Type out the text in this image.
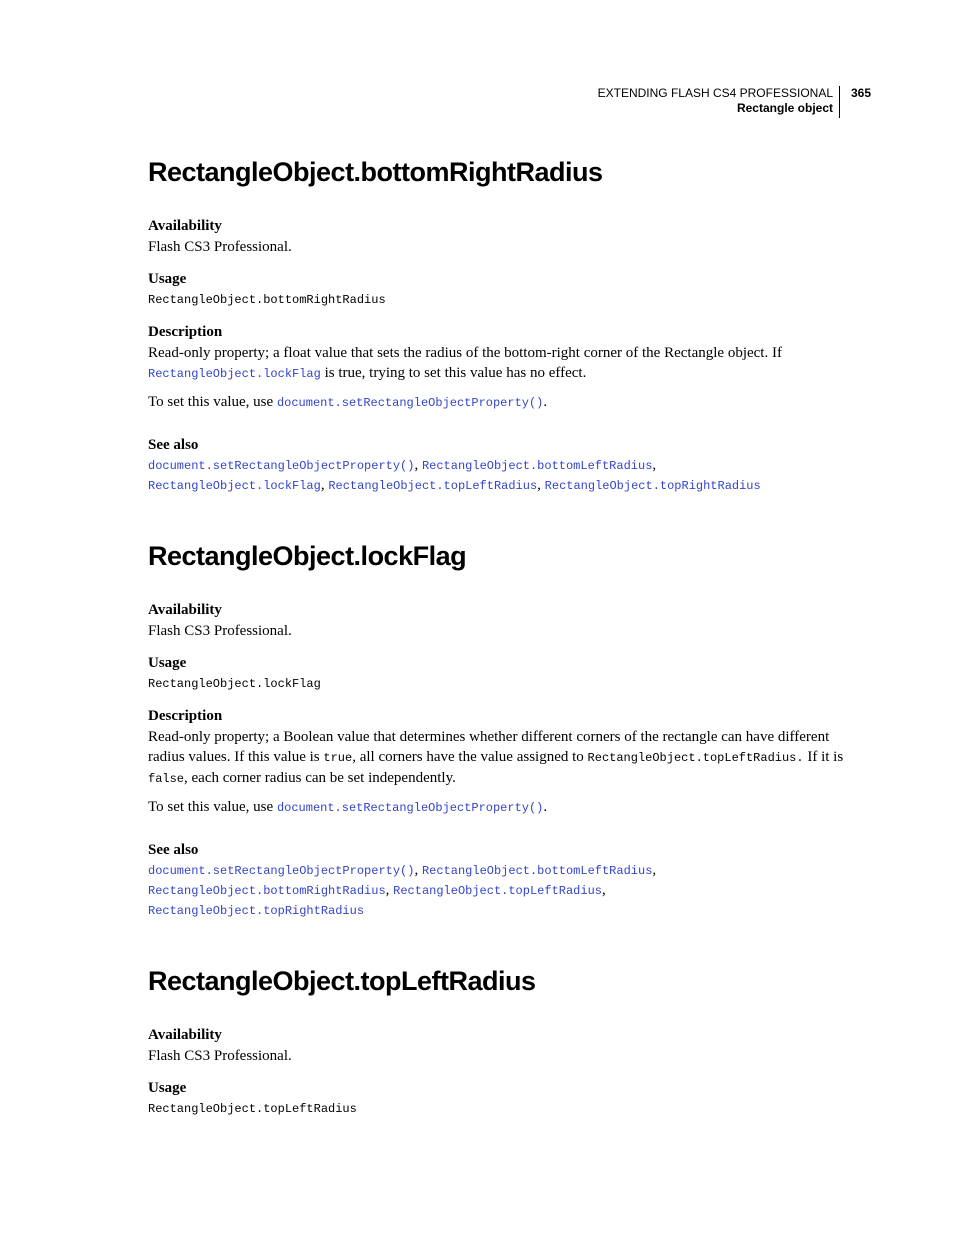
EXTENDING FLASH CS4 PROFESSIONAL
Rectangle object
365
RectangleObject.bottomRightRadius
Availability

Flash CS3 Professional.

Usage
RectangleObject.bottomRightRadius
Description

Read-only property; a float value that sets the radius of the bottom-right corner of the Rectangle object. If
RectangleObject.lockFlag is true, trying to set this value has no effect.

To set this value, use document.setRectangleObjectProperty().

See also

document.setRectangleObjectProperty(), RectangleObject.bottomLeftRadius,
RectangleObject.lockFlag, RectangleObject.topLeftRadius, RectangleObject.topRightRadius

RectangleObject.lockFlag
Availability

Flash CS3 Professional.

Usage
RectangleObject.lockFlag
Description

Read-only property; a Boolean value that determines whether different corners of the rectangle can have different radius values. If this value is true, all corners have the value assigned to RectangleObject.topLeftRadius. If it is false, each corner radius can be set independently.

To set this value, use document.setRectangleObjectProperty().

See also

document.setRectangleObjectProperty(), RectangleObject.bottomLeftRadius,
RectangleObject.bottomRightRadius, RectangleObject.topLeftRadius,
RectangleObject.topRightRadius

RectangleObject.topLeftRadius
Availability

Flash CS3 Professional.

Usage
RectangleObject.topLeftRadius
